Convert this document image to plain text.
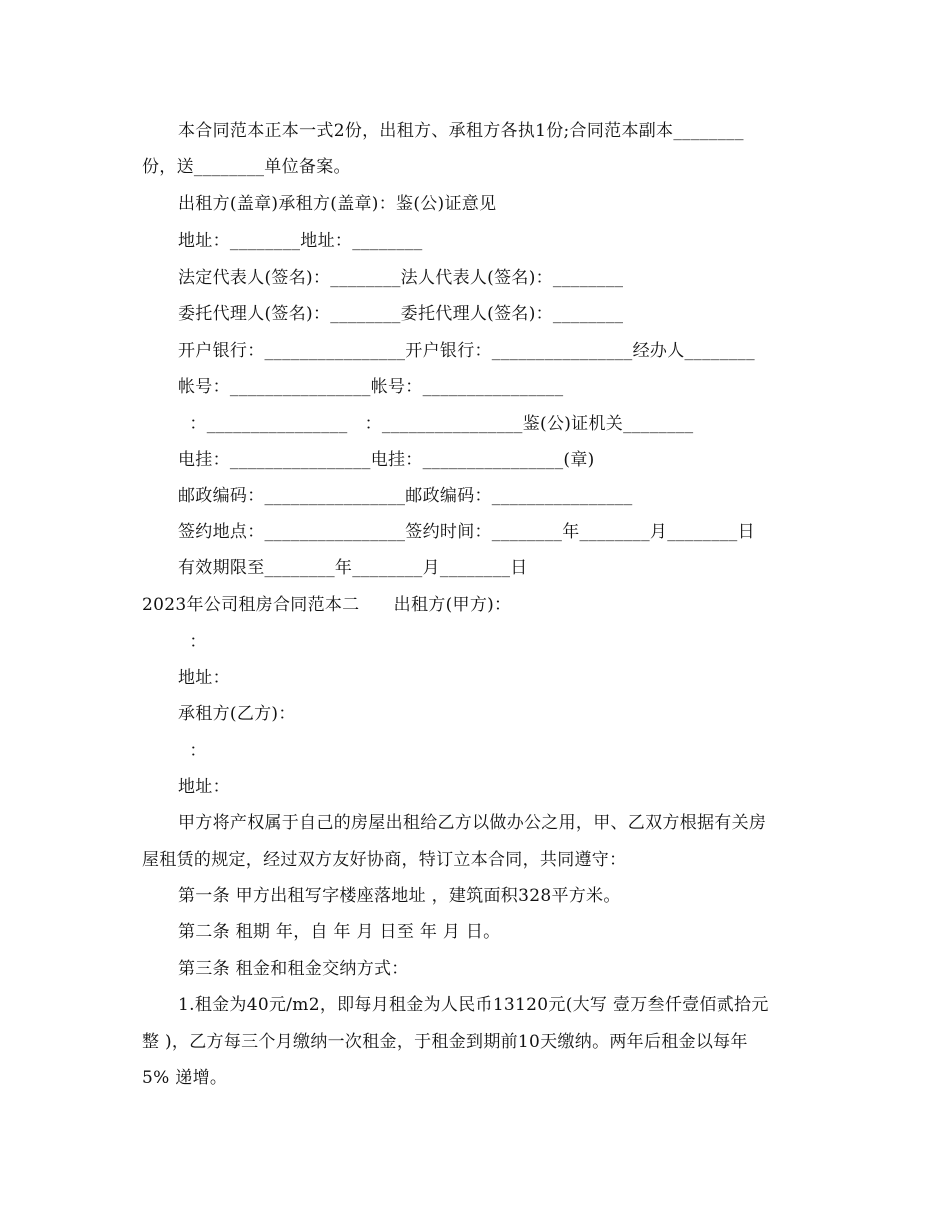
本合同范本正本一式2份，出租方、承租方各执1份;合同范本副本________
份，送________单位备案。
出租方(盖章)承租方(盖章)：鉴(公)证意见
地址：________地址：________
法定代表人(签名)：________法人代表人(签名)：________
委托代理人(签名)：________委托代理人(签名)：________
开户银行：________________开户银行：________________经办人________
帐号：________________帐号：________________
：________________   ：________________鉴(公)证机关________
电挂：________________电挂：________________(章)
邮政编码：________________邮政编码：________________
签约地点：________________签约时间：________年________月________日
有效期限至________年________月________日
2023年公司租房合同范本二      出租方(甲方)：
：
地址：
承租方(乙方)：
：
地址：
甲方将产权属于自己的房屋出租给乙方以做办公之用，甲、乙双方根据有关房
屋租赁的规定，经过双方友好协商，特订立本合同，共同遵守：
第一条 甲方出租写字楼座落地址 ，建筑面积328平方米。
第二条 租期 年，自 年 月 日至 年 月 日。
第三条 租金和租金交纳方式：
1.租金为40元/m2，即每月租金为人民币13120元(大写 壹万叁仟壹佰贰拾元
整 )，乙方每三个月缴纳一次租金，于租金到期前10天缴纳。两年后租金以每年
5% 递增。
